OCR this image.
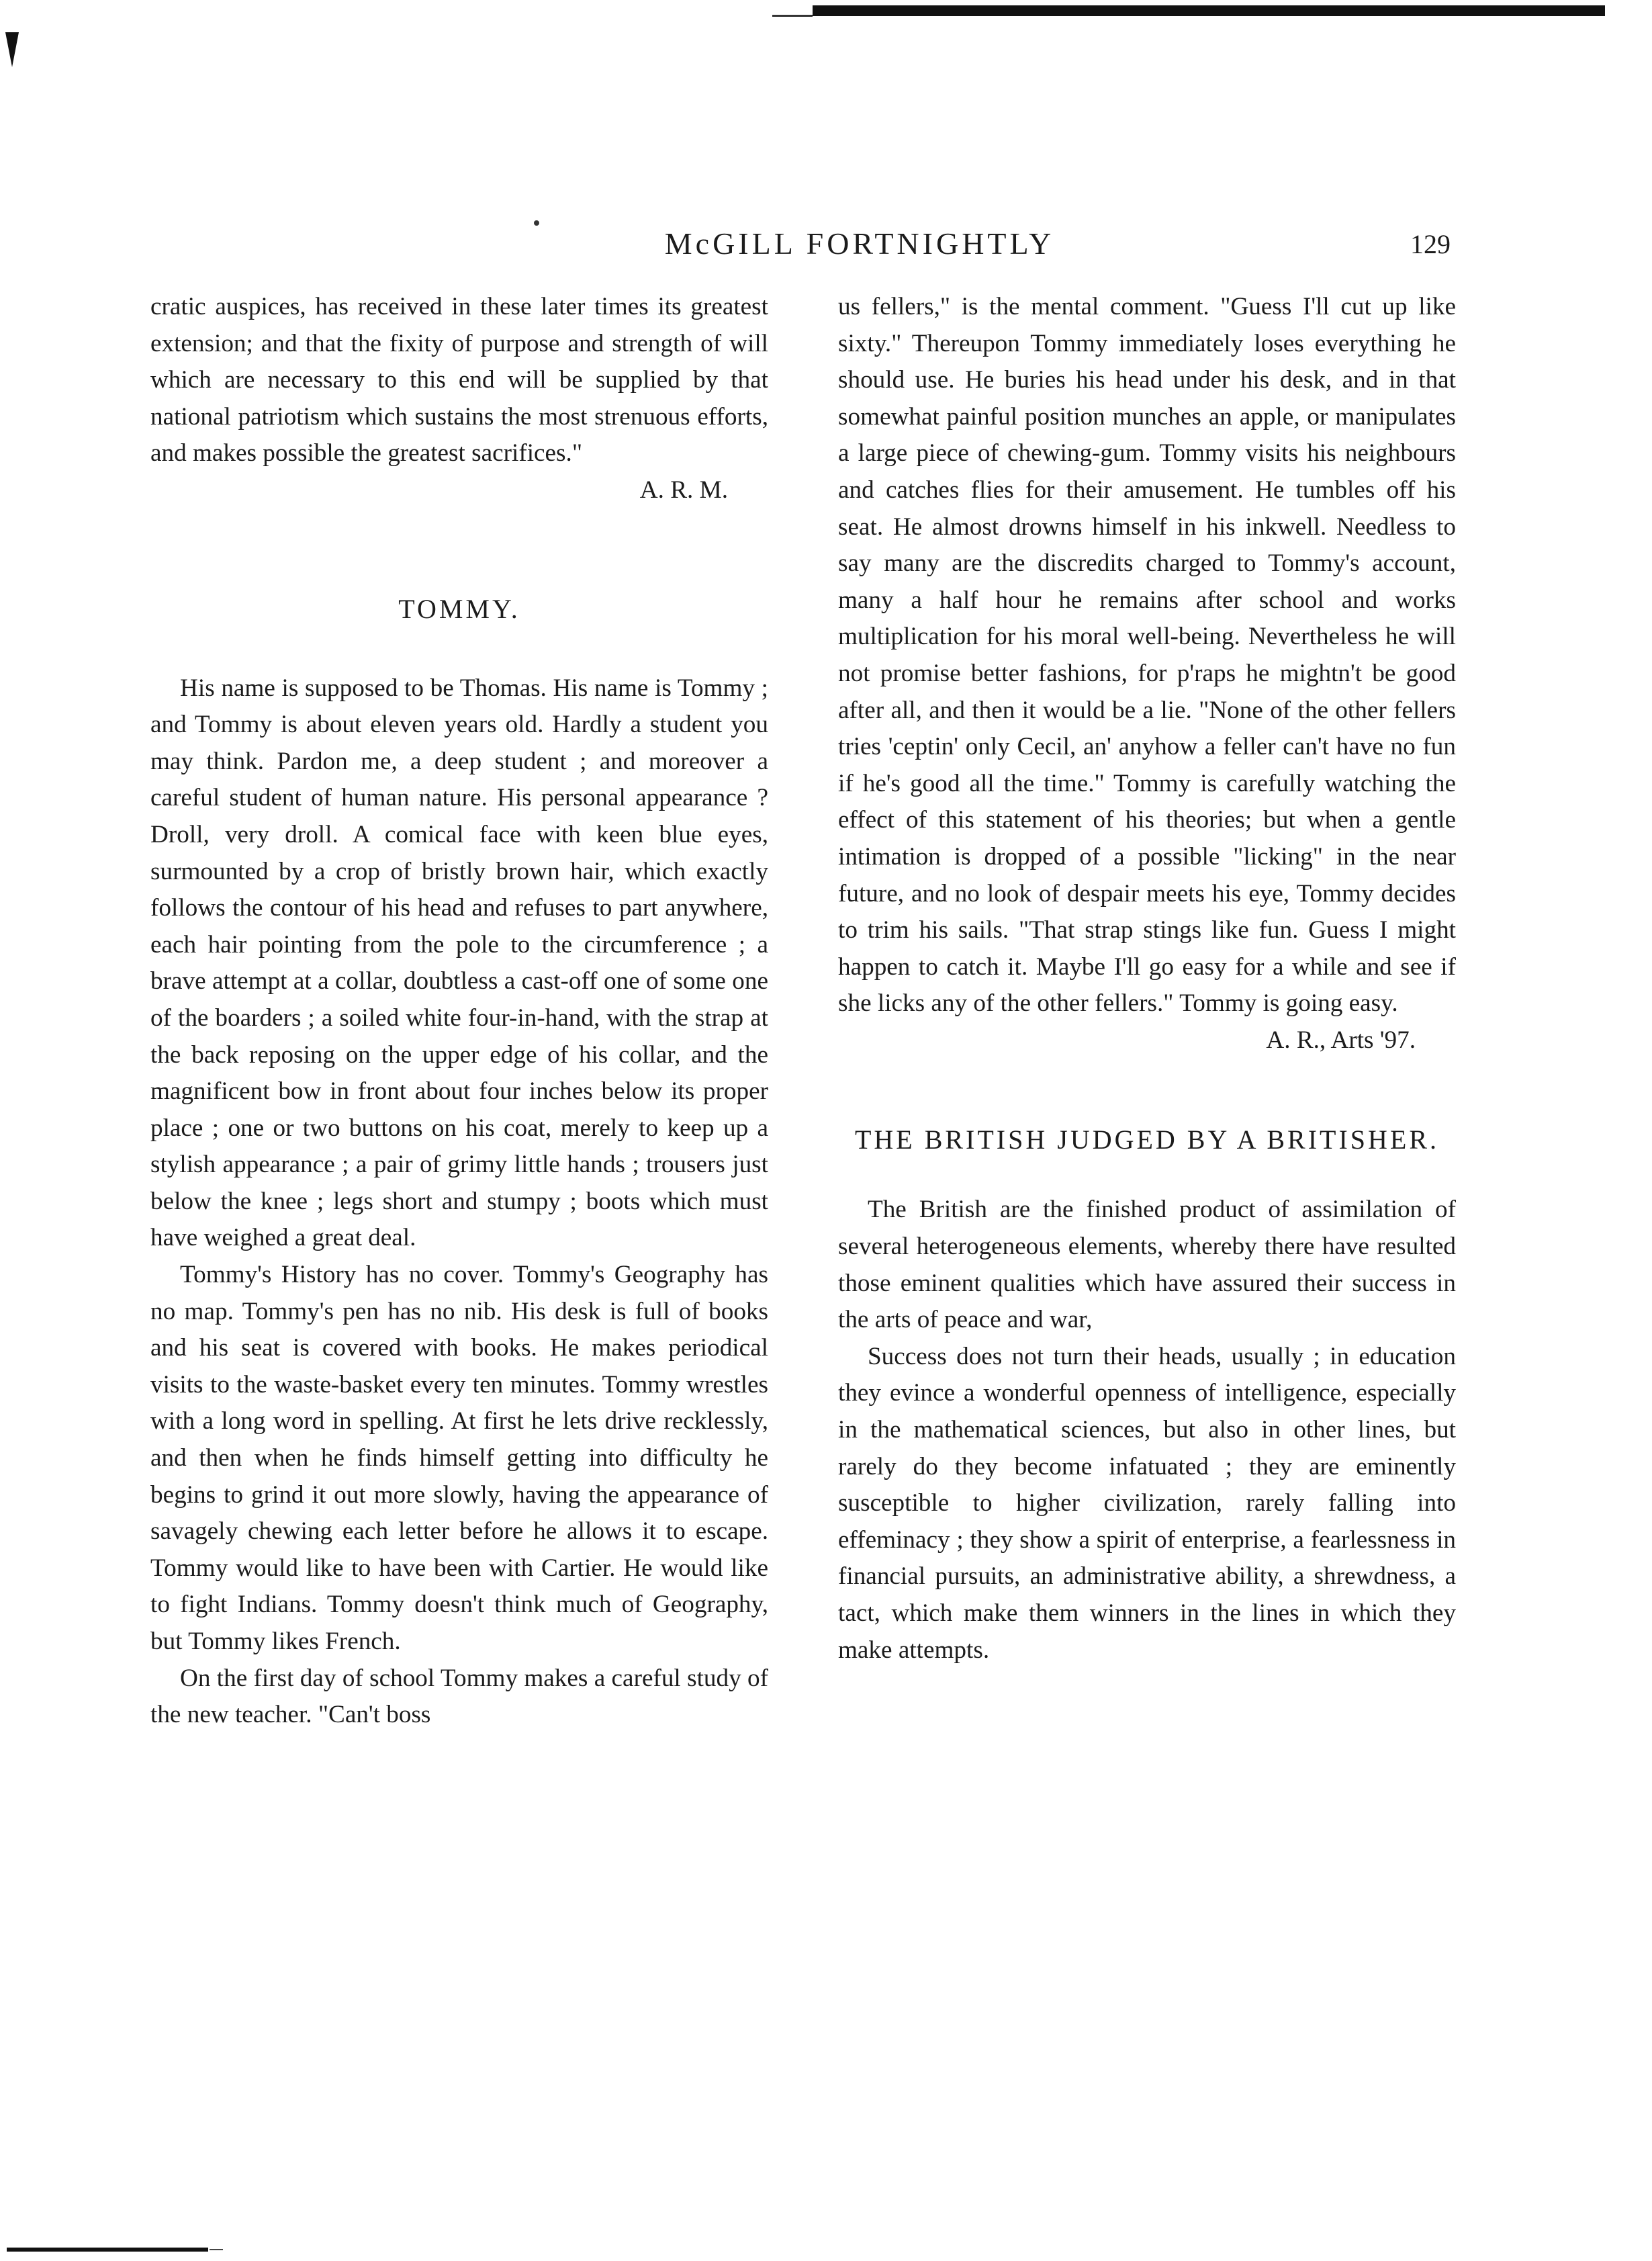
McGILL FORTNIGHTLY	129

cratic auspices, has received in these later times its greatest extension; and that the fixity of purpose and strength of will which are necessary to this end will be supplied by that national patriotism which sustains the most strenuous efforts, and makes possible the greatest sacrifices."

A. R. M.

TOMMY.

His name is supposed to be Thomas. His name is Tommy ; and Tommy is about eleven years old. Hardly a student you may think. Pardon me, a deep student ; and moreover a careful student of human nature. His personal appearance ? Droll, very droll. A comical face with keen blue eyes, surmounted by a crop of bristly brown hair, which exactly follows the contour of his head and refuses to part anywhere, each hair pointing from the pole to the circumference ; a brave attempt at a collar, doubtless a cast-off one of some one of the boarders ; a soiled white four-in-hand, with the strap at the back reposing on the upper edge of his collar, and the magnificent bow in front about four inches below its proper place ; one or two buttons on his coat, merely to keep up a stylish appearance ; a pair of grimy little hands ; trousers just below the knee ; legs short and stumpy ; boots which must have weighed a great deal.

Tommy's History has no cover. Tommy's Geography has no map. Tommy's pen has no nib. His desk is full of books and his seat is covered with books. He makes periodical visits to the waste-basket every ten minutes. Tommy wrestles with a long word in spelling. At first he lets drive recklessly, and then when he finds himself getting into difficulty he begins to grind it out more slowly, having the appearance of savagely chewing each letter before he allows it to escape. Tommy would like to have been with Cartier. He would like to fight Indians. Tommy doesn't think much of Geography, but Tommy likes French.

On the first day of school Tommy makes a careful study of the new teacher. "Can't boss

us fellers," is the mental comment. "Guess I'll cut up like sixty." Thereupon Tommy immediately loses everything he should use. He buries his head under his desk, and in that somewhat painful position munches an apple, or manipulates a large piece of chewing-gum. Tommy visits his neighbours and catches flies for their amusement. He tumbles off his seat. He almost drowns himself in his inkwell. Needless to say many are the discredits charged to Tommy's account, many a half hour he remains after school and works multiplication for his moral well-being. Nevertheless he will not promise better fashions, for p'raps he mightn't be good after all, and then it would be a lie. "None of the other fellers tries 'ceptin' only Cecil, an' anyhow a feller can't have no fun if he's good all the time." Tommy is carefully watching the effect of this statement of his theories; but when a gentle intimation is dropped of a possible "licking" in the near future, and no look of despair meets his eye, Tommy decides to trim his sails. "That strap stings like fun. Guess I might happen to catch it. Maybe I'll go easy for a while and see if she licks any of the other fellers." Tommy is going easy.

A. R., Arts '97.

THE BRITISH JUDGED BY A BRITISHER.

The British are the finished product of assimilation of several heterogeneous elements, whereby there have resulted those eminent qualities which have assured their success in the arts of peace and war,

Success does not turn their heads, usually ; in education they evince a wonderful openness of intelligence, especially in the mathematical sciences, but also in other lines, but rarely do they become infatuated ; they are eminently susceptible to higher civilization, rarely falling into effeminacy ; they show a spirit of enterprise, a fearlessness in financial pursuits, an administrative ability, a shrewdness, a tact, which make them winners in the lines in which they make attempts.
